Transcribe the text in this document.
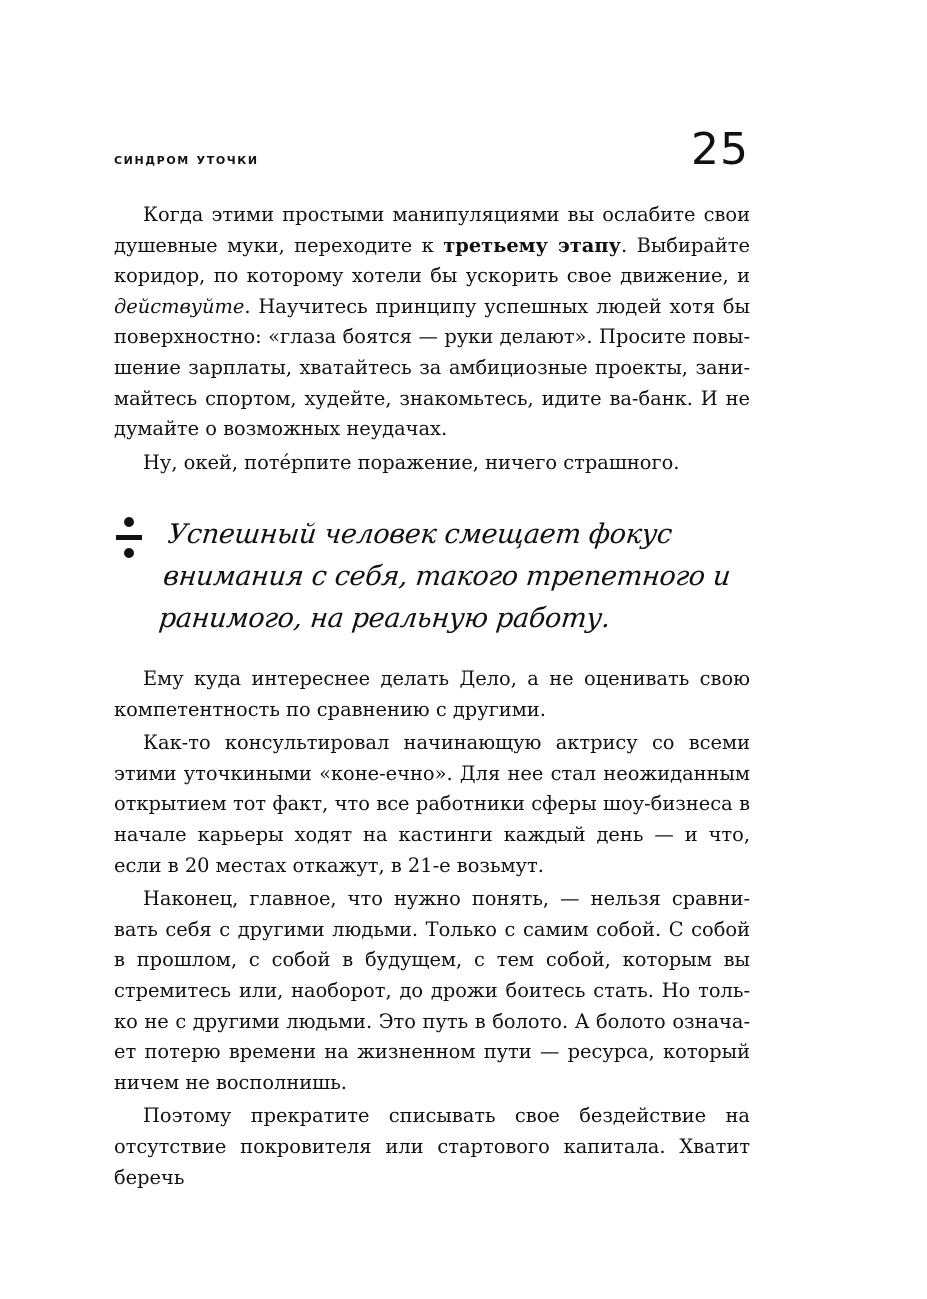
синдром уточки	25

Когда этими простыми манипуляциями вы ослабите свои душевные муки, переходите к третьему этапу. Выбирайте коридор, по которому хотели бы ускорить свое движение, и действуйте. Научитесь принципу успешных людей хотя бы поверхностно: «глаза боятся — руки делают». Просите повышение зарплаты, хватайтесь за амбициозные проекты, занимайтесь спортом, худейте, знакомьтесь, идите ва-банк. И не думайте о возможных неудачах.

Ну, окей, потéрпите поражение, ничего страшного.

Успешный человек смещает фокус внимания с себя, такого трепетного и ранимого, на реальную работу.

Ему куда интереснее делать Дело, а не оценивать свою компетентность по сравнению с другими.

Как-то консультировал начинающую актрису со всеми этими уточкиными «коне-ечно». Для нее стал неожиданным открытием тот факт, что все работники сферы шоу-бизнеса в начале карьеры ходят на кастинги каждый день — и что, если в 20 местах откажут, в 21-е возьмут.

Наконец, главное, что нужно понять, — нельзя сравнивать себя с другими людьми. Только с самим собой. С собой в прошлом, с собой в будущем, с тем собой, которым вы стремитесь или, наоборот, до дрожи боитесь стать. Но только не с другими людьми. Это путь в болото. А болото означает потерю времени на жизненном пути — ресурса, который ничем не восполнишь.

Поэтому прекратите списывать свое бездействие на отсутствие покровителя или стартового капитала. Хватит беречь
